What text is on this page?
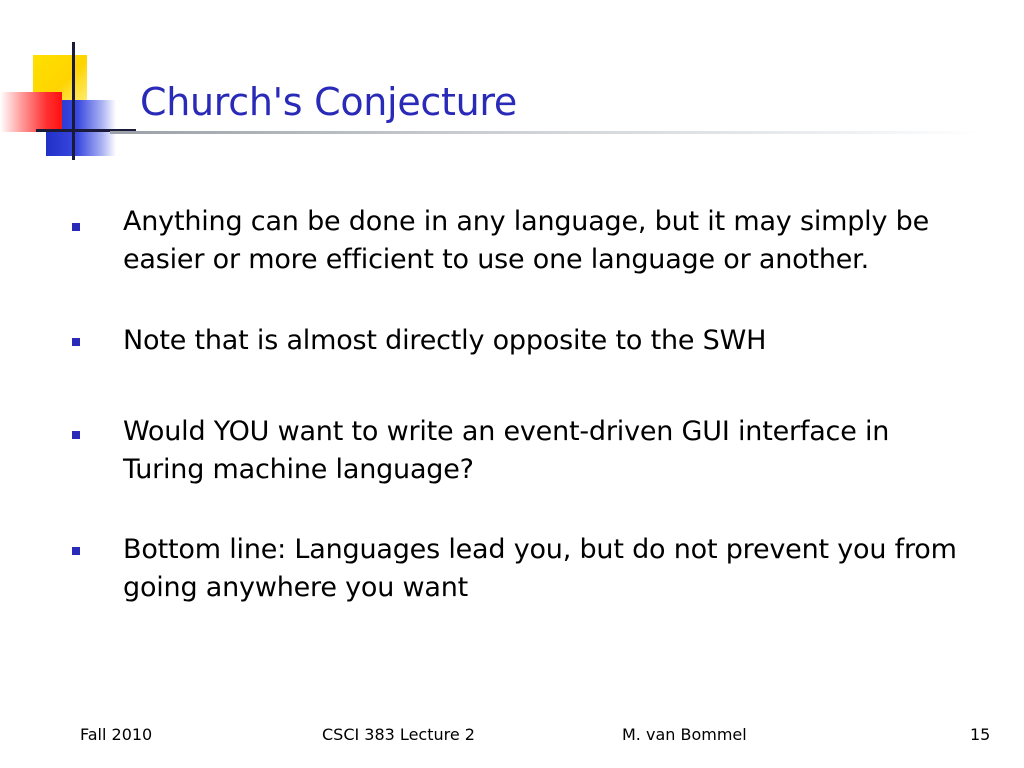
Church's Conjecture
Anything can be done in any language, but it may simply be easier or more efficient to use one language or another.
Note that is almost directly opposite to the SWH
Would YOU want to write an event-driven GUI interface in Turing machine language?
Bottom line: Languages lead you, but do not prevent you from going anywhere you want
Fall 2010	CSCI 383 Lecture 2	M. van Bommel	15
